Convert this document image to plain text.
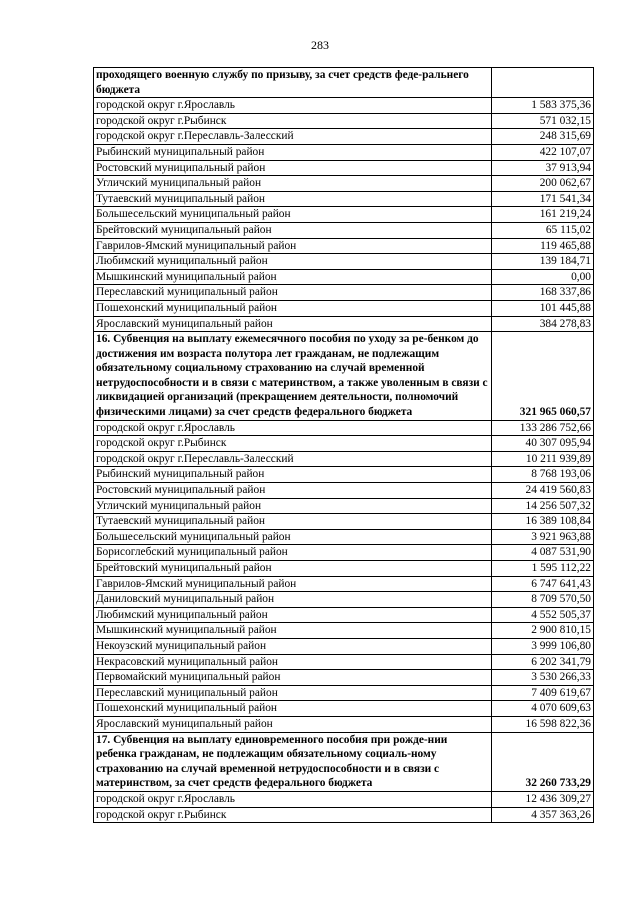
283
проходящего военную службу по призыву, за счет средств феде-ральнего бюджета	
городской округ г.Ярославль	1 583 375,36
городской округ г.Рыбинск	571 032,15
городской округ г.Переславль-Залесский	248 315,69
Рыбинский муниципальный район	422 107,07
Ростовский муниципальный район	37 913,94
Угличский муниципальный район	200 062,67
Тутаевский муниципальный район	171 541,34
Большесельский муниципальный район	161 219,24
Брейтовский муниципальный район	65 115,02
Гаврилов-Ямский муниципальный район	119 465,88
Любимский муниципальный район	139 184,71
Мышкинский муниципальный район	0,00
Переславский муниципальный район	168 337,86
Пошехонский муниципальный район	101 445,88
Ярославский муниципальный район	384 278,83
16. Субвенция на выплату ежемесячного пособия по уходу за ре-бенком до достижения им возраста полутора лет гражданам, не подлежащим обязательному социальному страхованию на случай временной нетрудоспособности и в связи с материнством, а также уволенным в связи с ликвидацией организаций (прекращением деятельности, полномочий физическими лицами) за счет средств федерального бюджета	321 965 060,57
городской округ г.Ярославль	133 286 752,66
городской округ г.Рыбинск	40 307 095,94
городской округ г.Переславль-Залесский	10 211 939,89
Рыбинский муниципальный район	8 768 193,06
Ростовский муниципальный район	24 419 560,83
Угличский муниципальный район	14 256 507,32
Тутаевский муниципальный район	16 389 108,84
Большесельский муниципальный район	3 921 963,88
Борисоглебский муниципальный район	4 087 531,90
Брейтовский муниципальный район	1 595 112,22
Гаврилов-Ямский муниципальный район	6 747 641,43
Даниловский муниципальный район	8 709 570,50
Любимский муниципальный район	4 552 505,37
Мышкинский муниципальный район	2 900 810,15
Некоузский муниципальный район	3 999 106,80
Некрасовский муниципальный район	6 202 341,79
Первомайский муниципальный район	3 530 266,33
Переславский муниципальный район	7 409 619,67
Пошехонский муниципальный район	4 070 609,63
Ярославский муниципальный район	16 598 822,36
17. Субвенция на выплату единовременного пособия при рожде-нии ребенка гражданам, не подлежащим обязательному социаль-ному страхованию на случай временной нетрудоспособности и в связи с материнством, за счет средств федерального бюджета	32 260 733,29
городской округ г.Ярославль	12 436 309,27
городской округ г.Рыбинск	4 357 363,26
